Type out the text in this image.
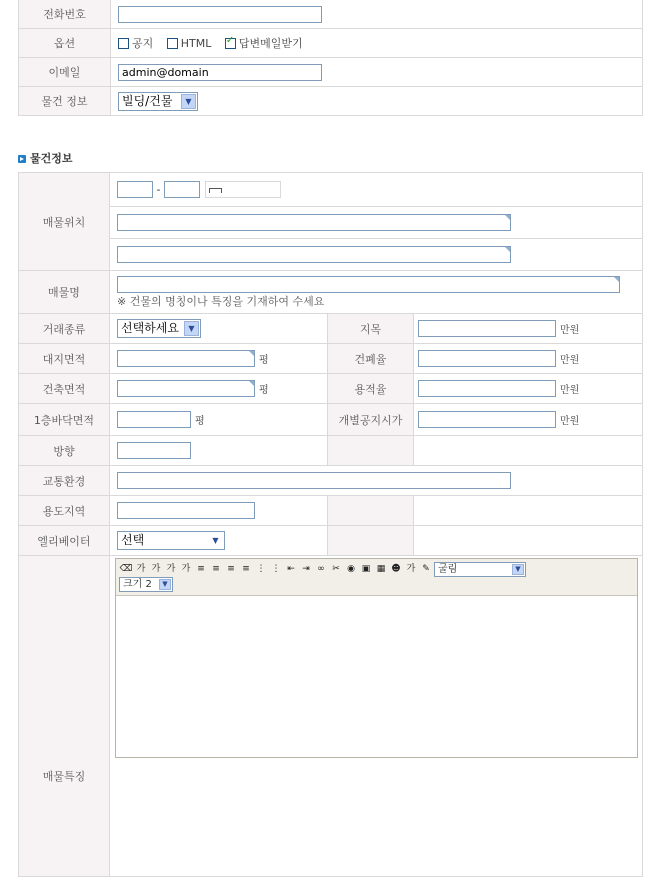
전화번호	
옵션	공지 HTML ✓ 답변메일받기
이메일	admin@domain
물건 정보	빌딩/건물 ▼
물건정보
매물위치	-		

매물명	※ 건물의 명칭이나 특징을 기재하여 수세요		
거래종류	선택하세요 ▼	지목	만원
대지면적	평	건폐율	만원
건축면적	평	용적율	만원
1층바닥면적	평	개별공지시가	만원
방향			
교통환경			
용도지역			
엘리베이터	선택 ▼		

매물특징	⌫ 가 가 가 가 ≡ ≡ ≡ ≡ ⋮ ⋮ ⇤ ⇥ ∞ ✂ ◉ ▣ ▦ ☻ 가 ✎ 굴림 ▼
크기 2 ▼		
